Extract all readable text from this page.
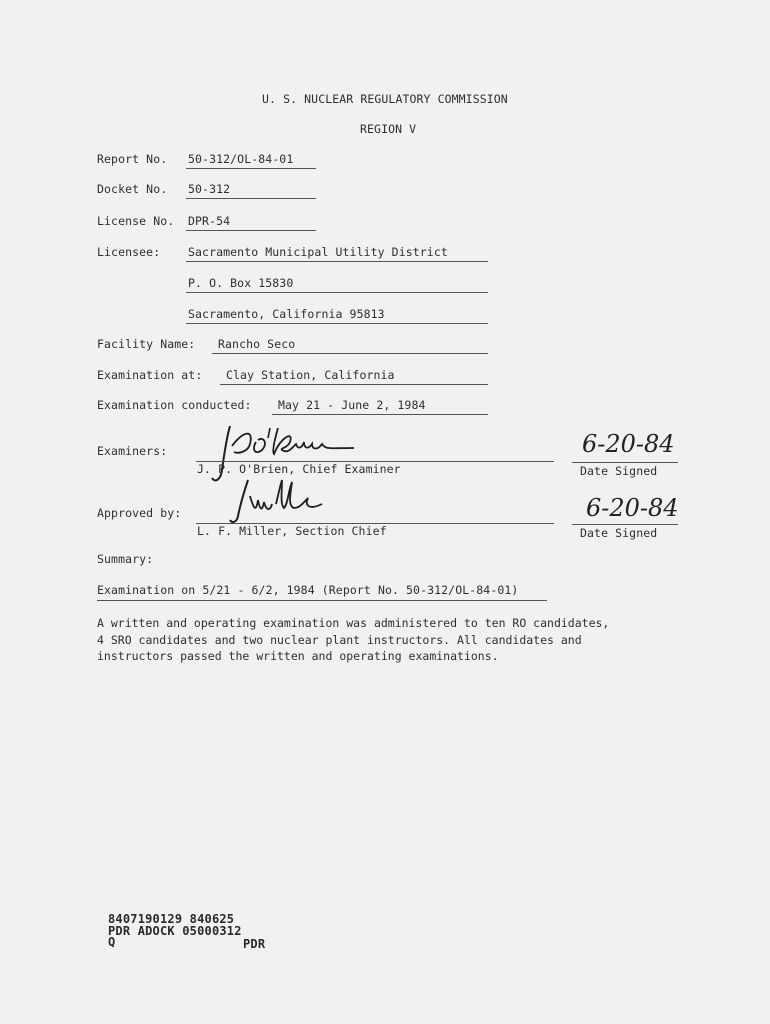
U. S. NUCLEAR REGULATORY COMMISSION
REGION V
Report No. 50-312/OL-84-01
Docket No. 50-312
License No. DPR-54
Licensee: Sacramento Municipal Utility District
P. O. Box 15830
Sacramento, California 95813
Facility Name: Rancho Seco
Examination at: Clay Station, California
Examination conducted: May 21 - June 2, 1984
Examiners:
J. P. O'Brien, Chief Examiner
6-20-84
Date Signed
Approved by:
L. F. Miller, Section Chief
6-20-84
Date Signed
Summary:
Examination on 5/21 - 6/2, 1984 (Report No. 50-312/OL-84-01)
A written and operating examination was administered to ten RO candidates,
4 SRO candidates and two nuclear plant instructors. All candidates and
instructors passed the written and operating examinations.
8407190129 840625
PDR ADOCK 05000312
Q	PDR
